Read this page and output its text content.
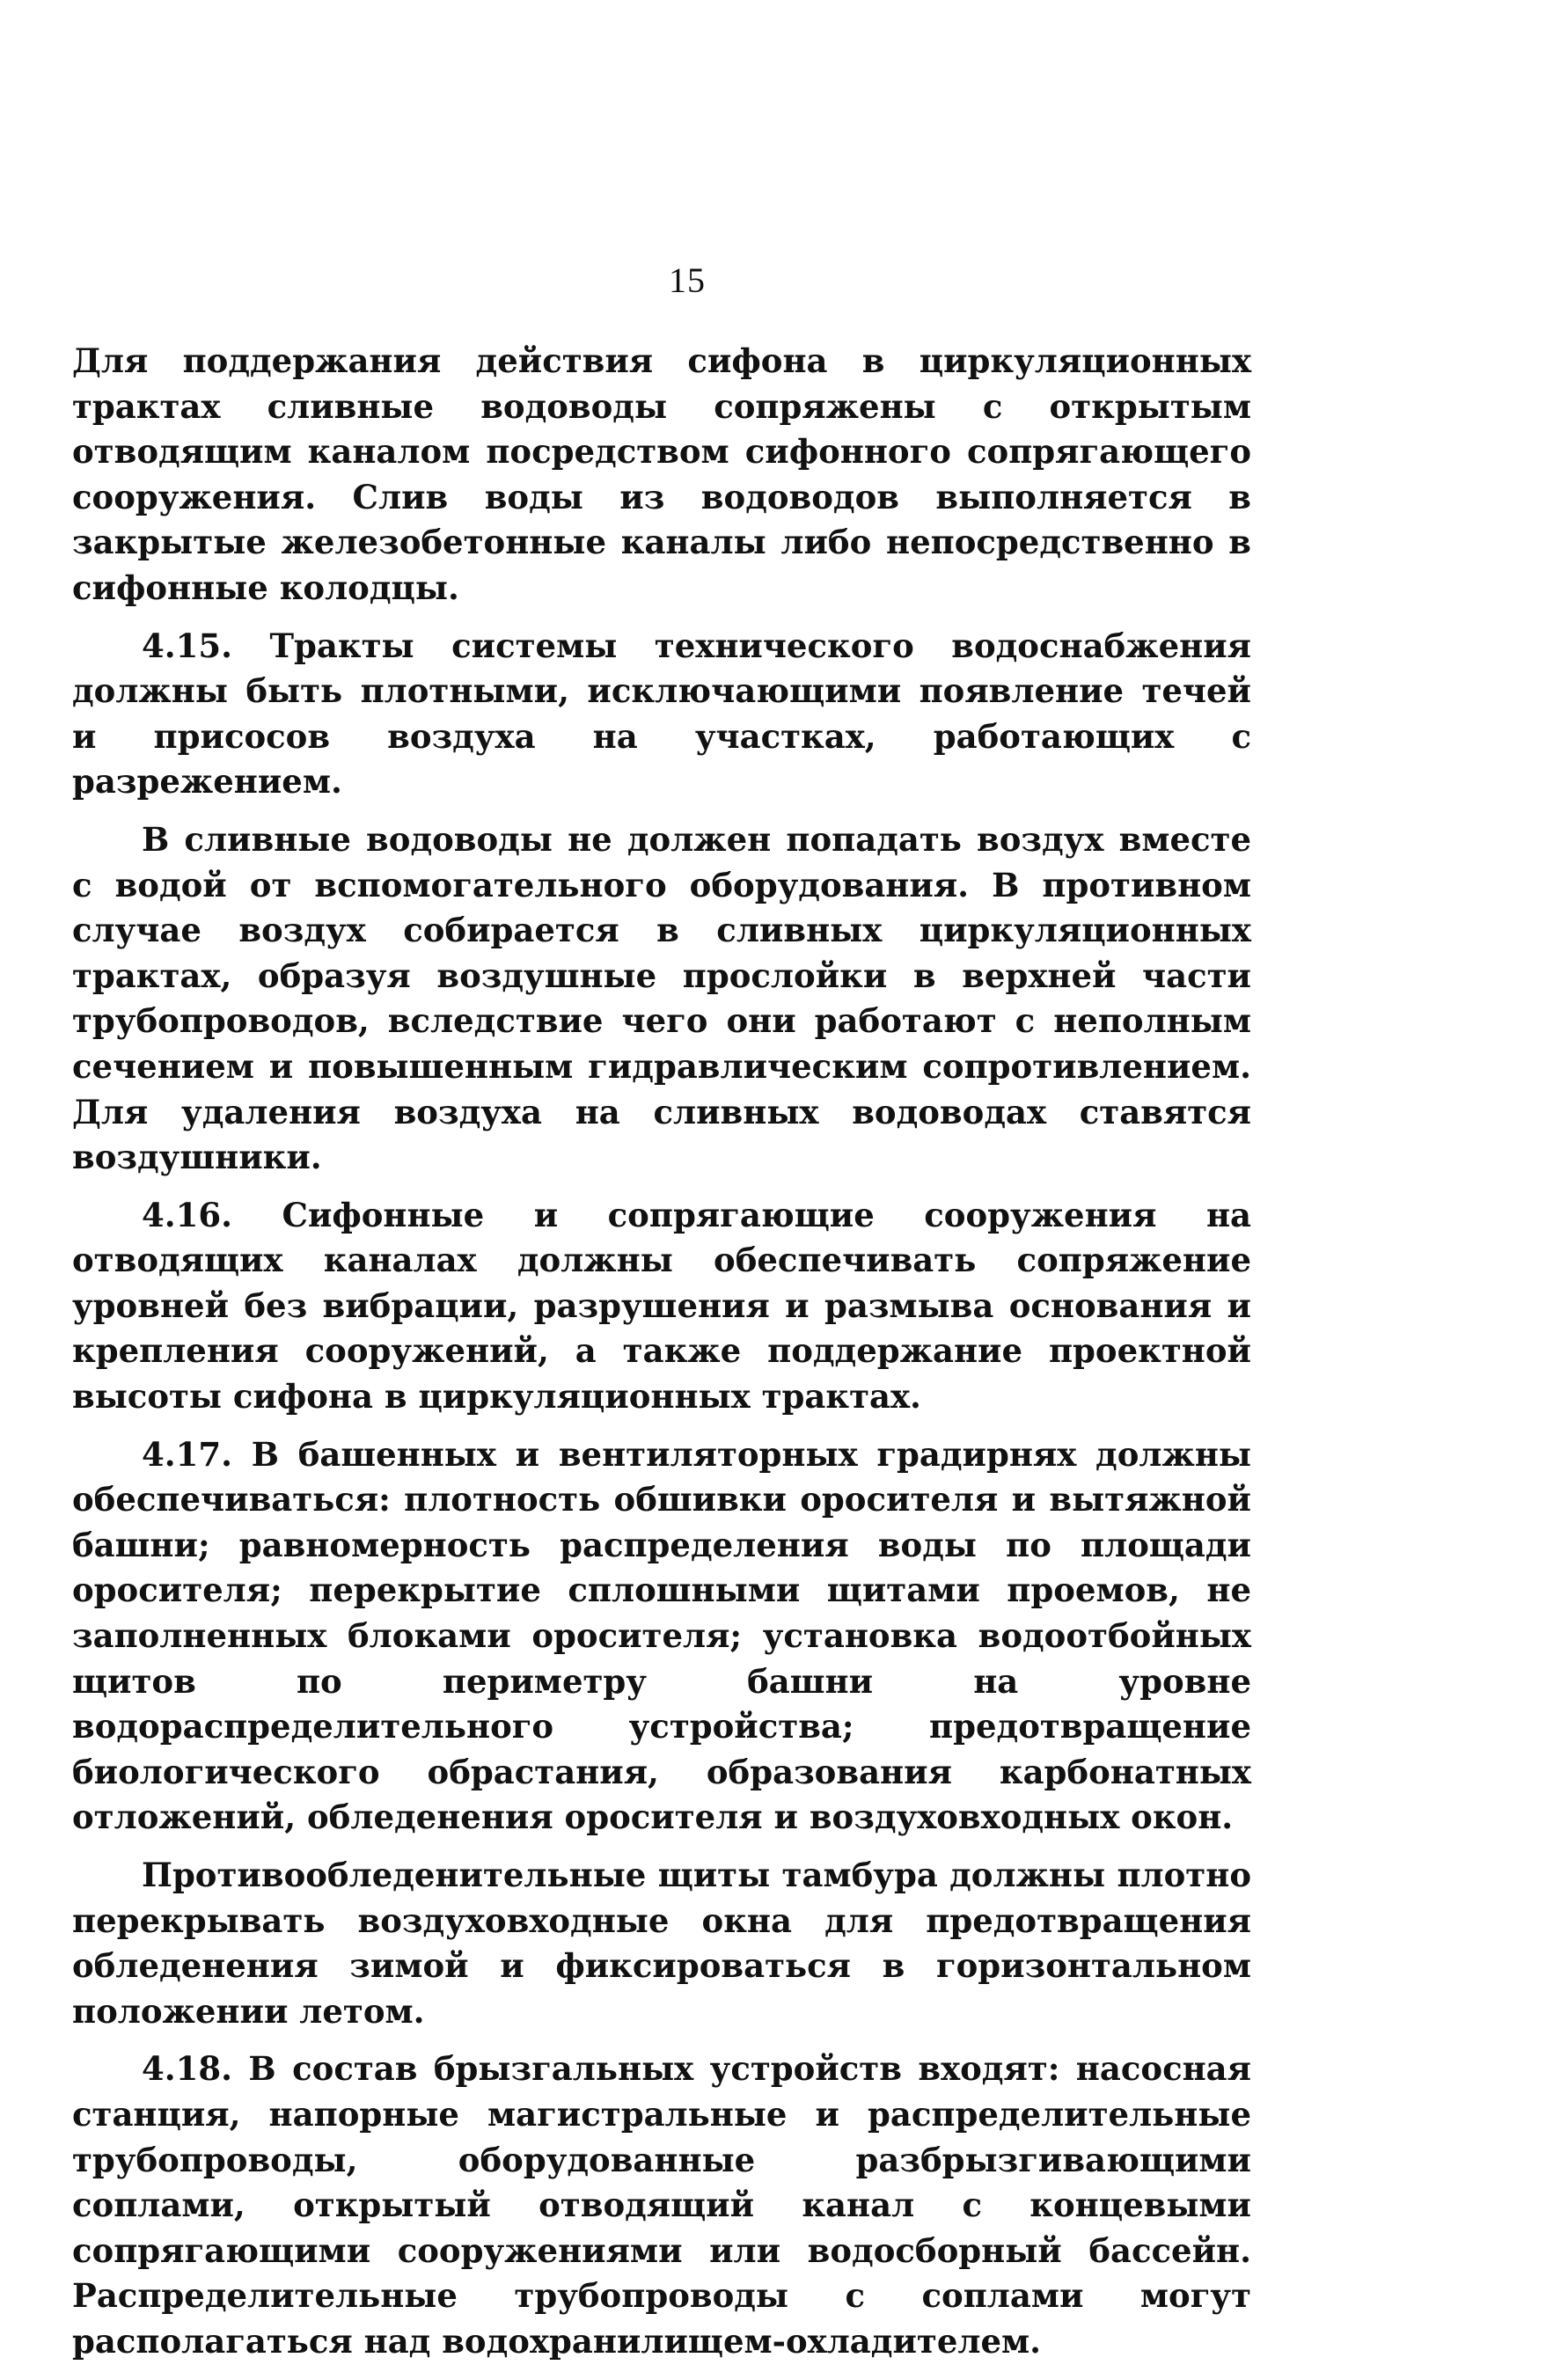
15

Для поддержания действия сифона в циркуляционных трактах сливные водоводы сопряжены с открытым отводящим каналом посредством сифонного сопрягающего сооружения. Слив воды из водоводов выполняется в закрытые железобетонные каналы либо непосредственно в сифонные колодцы.

4.15. Тракты системы технического водоснабжения должны быть плотными, исключающими появление течей и присосов воздуха на участках, работающих с разрежением.

В сливные водоводы не должен попадать воздух вместе с водой от вспомогательного оборудования. В противном случае воздух собирается в сливных циркуляционных трактах, образуя воздушные прослойки в верхней части трубопроводов, вследствие чего они работают с неполным сечением и повышенным гидравлическим сопротивлением. Для удаления воздуха на сливных водоводах ставятся воздушники.

4.16. Сифонные и сопрягающие сооружения на отводящих каналах должны обеспечивать сопряжение уровней без вибрации, разрушения и размыва основания и крепления сооружений, а также поддержание проектной высоты сифона в циркуляционных трактах.

4.17. В башенных и вентиляторных градирнях должны обеспечиваться: плотность обшивки оросителя и вытяжной башни; равномерность распределения воды по площади оросителя; перекрытие сплошными щитами проемов, не заполненных блоками оросителя; установка водоотбойных щитов по периметру башни на уровне водораспределительного устройства; предотвращение биологического обрастания, образования карбонатных отложений, обледенения оросителя и воздуховходных окон.

Противообледенительные щиты тамбура должны плотно перекрывать воздуховходные окна для предотвращения обледенения зимой и фиксироваться в горизонтальном положении летом.

4.18. В состав брызгальных устройств входят: насосная станция, напорные магистральные и распределительные трубопроводы, оборудованные разбрызгивающими соплами, открытый отводящий канал с концевыми сопрягающими сооружениями или водосборный бассейн. Распределительные трубопроводы с соплами могут располагаться над водохранилищем-охладителем.
